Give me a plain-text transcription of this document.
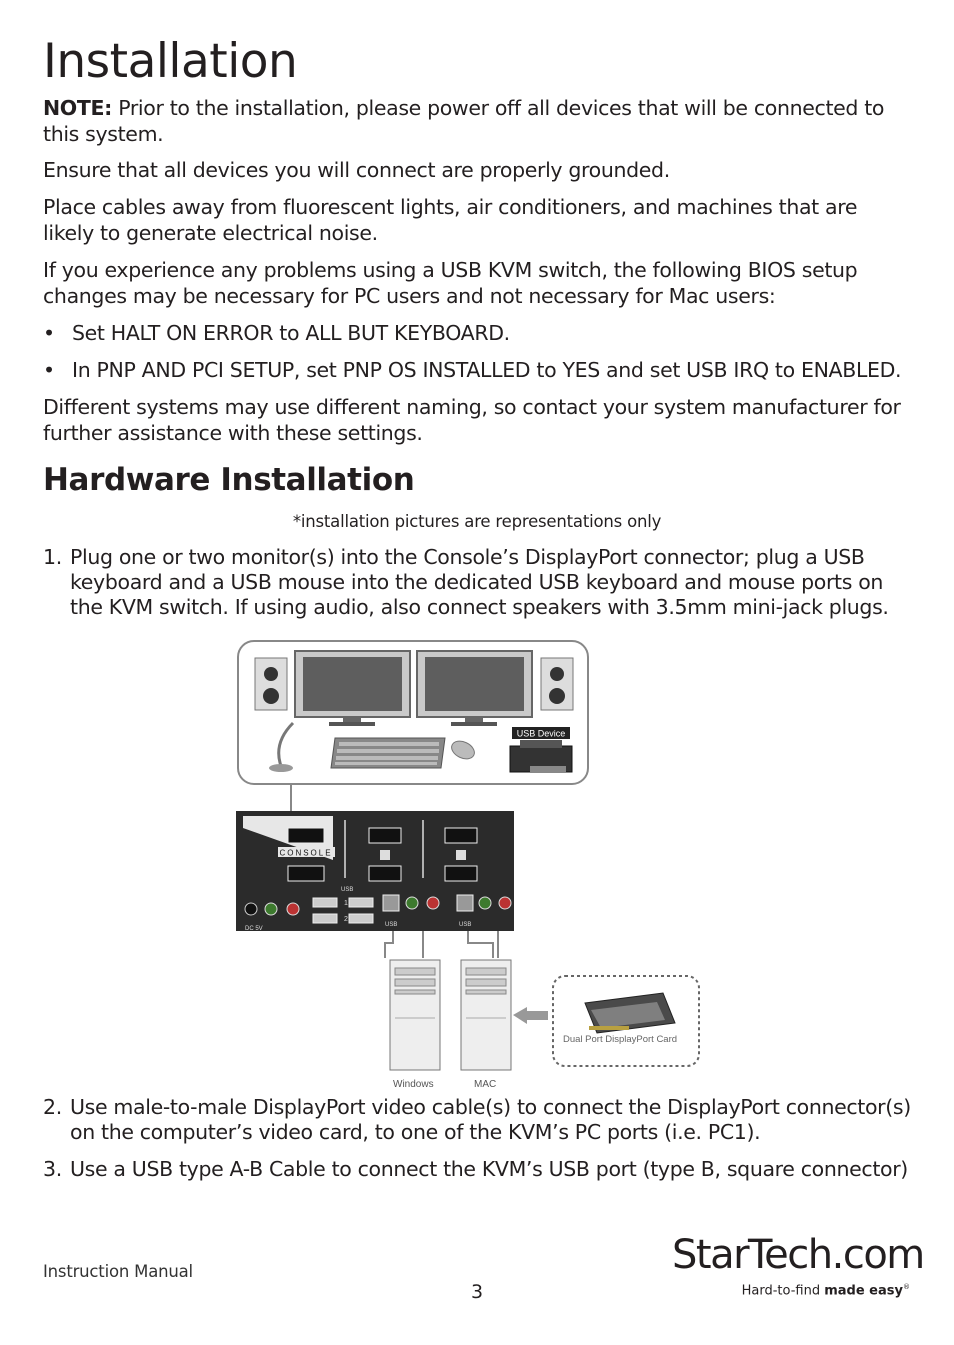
Installation

NOTE: Prior to the installation, please power off all devices that will be connected to this system.

Ensure that all devices you will connect are properly grounded.

Place cables away from fluorescent lights, air conditioners, and machines that are likely to generate electrical noise.

If you experience any problems using a USB KVM switch, the following BIOS setup changes may be necessary for PC users and not necessary for Mac users:

• Set HALT ON ERROR to ALL BUT KEYBOARD.
• In PNP AND PCI SETUP, set PNP OS INSTALLED to YES and set USB IRQ to ENABLED.

Different systems may use different naming, so contact your system manufacturer for further assistance with these settings.

Hardware Installation
*installation pictures are representations only
1. Plug one or two monitor(s) into the Console’s DisplayPort connector; plug a USB keyboard and a USB mouse into the dedicated USB keyboard and mouse ports on the KVM switch. If using audio, also connect speakers with 3.5mm mini-jack plugs.
USB Device
CONSOLE
DC 5V
USB
1
2
USB	USB
Windows	MAC
Dual Port DisplayPort Card
2. Use male-to-male DisplayPort video cable(s) to connect the DisplayPort connector(s) on the computer’s video card, to one of the KVM’s PC ports (i.e. PC1).
3. Use a USB type A-B Cable to connect the KVM’s USB port (type B, square connector)
Instruction Manual
3
StarTech.com
Hard-to-find made easy®
